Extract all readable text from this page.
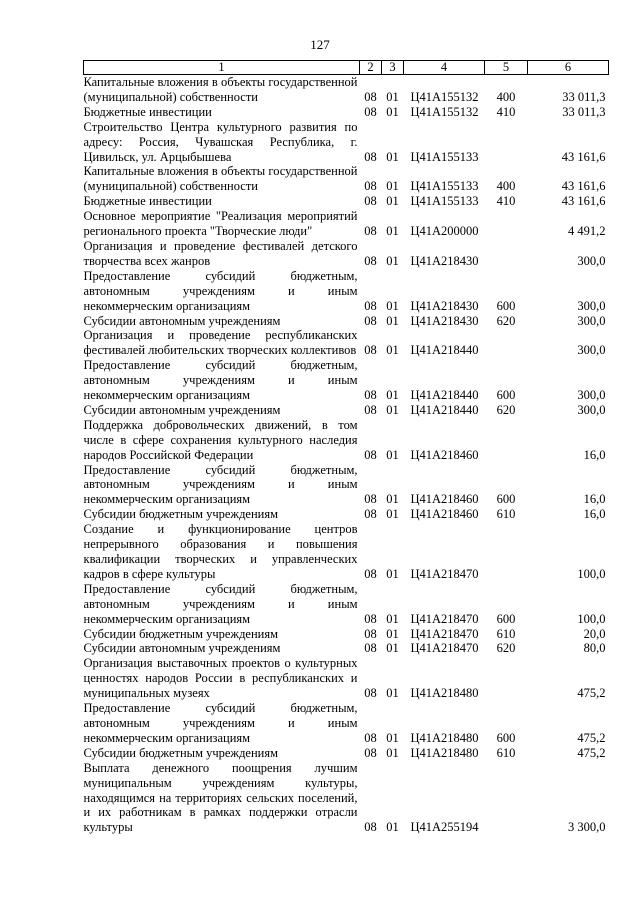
127
1	2	3	4	5	6
Капитальные вложения в объекты государственной (муниципальной) собственности	08	01	Ц41А155132	400	33 011,3
Бюджетные инвестиции	08	01	Ц41А155132	410	33 011,3
Строительство Центра культурного развития по адресу: Россия, Чувашская Республика, г. Цивильск, ул. Арцыбышева	08	01	Ц41А155133		43 161,6
Капитальные вложения в объекты государственной (муниципальной) собственности	08	01	Ц41А155133	400	43 161,6
Бюджетные инвестиции	08	01	Ц41А155133	410	43 161,6
Основное мероприятие "Реализация мероприятий регионального проекта "Творческие люди"	08	01	Ц41А200000		4 491,2
Организация и проведение фестивалей детского творчества всех жанров	08	01	Ц41А218430		300,0
Предоставление субсидий бюджетным, автономным учреждениям и иным некоммерческим организациям	08	01	Ц41А218430	600	300,0
Субсидии автономным учреждениям	08	01	Ц41А218430	620	300,0
Организация и проведение республиканских фестивалей любительских творческих коллективов	08	01	Ц41А218440		300,0
Предоставление субсидий бюджетным, автономным учреждениям и иным некоммерческим организациям	08	01	Ц41А218440	600	300,0
Субсидии автономным учреждениям	08	01	Ц41А218440	620	300,0
Поддержка добровольческих движений, в том числе в сфере сохранения культурного наследия народов Российской Федерации	08	01	Ц41А218460		16,0
Предоставление субсидий бюджетным, автономным учреждениям и иным некоммерческим организациям	08	01	Ц41А218460	600	16,0
Субсидии бюджетным учреждениям	08	01	Ц41А218460	610	16,0
Создание и функционирование центров непрерывного образования и повышения квалификации творческих и управленческих кадров в сфере культуры	08	01	Ц41А218470		100,0
Предоставление субсидий бюджетным, автономным учреждениям и иным некоммерческим организациям	08	01	Ц41А218470	600	100,0
Субсидии бюджетным учреждениям	08	01	Ц41А218470	610	20,0
Субсидии автономным учреждениям	08	01	Ц41А218470	620	80,0
Организация выставочных проектов о культурных ценностях народов России в республиканских и муниципальных музеях	08	01	Ц41А218480		475,2
Предоставление субсидий бюджетным, автономным учреждениям и иным некоммерческим организациям	08	01	Ц41А218480	600	475,2
Субсидии бюджетным учреждениям	08	01	Ц41А218480	610	475,2
Выплата денежного поощрения лучшим муниципальным учреждениям культуры, находящимся на территориях сельских поселений, и их работникам в рамках поддержки отрасли культуры	08	01	Ц41А255194		3 300,0
